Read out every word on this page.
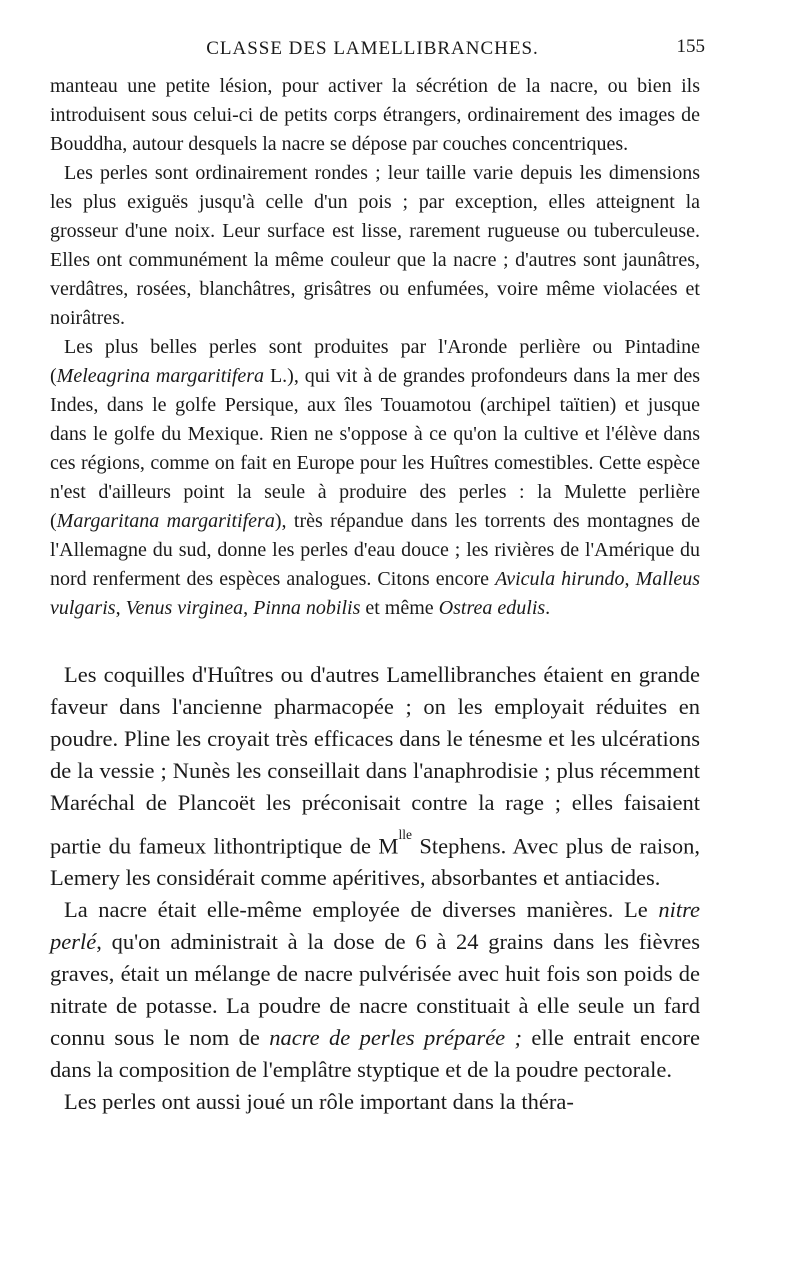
CLASSE DES LAMELLIBRANCHES.	155

manteau une petite lésion, pour activer la sécrétion de la nacre, ou bien ils introduisent sous celui-ci de petits corps étrangers, ordinairement des images de Bouddha, autour desquels la nacre se dépose par couches concentriques.

Les perles sont ordinairement rondes ; leur taille varie depuis les dimensions les plus exiguës jusqu'à celle d'un pois ; par exception, elles atteignent la grosseur d'une noix. Leur surface est lisse, rarement rugueuse ou tuberculeuse. Elles ont communément la même couleur que la nacre ; d'autres sont jaunâtres, verdâtres, rosées, blanchâtres, grisâtres ou enfumées, voire même violacées et noirâtres.

Les plus belles perles sont produites par l'Aronde perlière ou Pintadine (Meleagrina margaritifera L.), qui vit à de grandes profondeurs dans la mer des Indes, dans le golfe Persique, aux îles Touamotou (archipel taïtien) et jusque dans le golfe du Mexique. Rien ne s'oppose à ce qu'on la cultive et l'élève dans ces régions, comme on fait en Europe pour les Huîtres comestibles. Cette espèce n'est d'ailleurs point la seule à produire des perles : la Mulette perlière (Margaritana margaritifera), très répandue dans les torrents des montagnes de l'Allemagne du sud, donne les perles d'eau douce ; les rivières de l'Amérique du nord renferment des espèces analogues. Citons encore Avicula hirundo, Malleus vulgaris, Venus virginea, Pinna nobilis et même Ostrea edulis.

Les coquilles d'Huîtres ou d'autres Lamellibranches étaient en grande faveur dans l'ancienne pharmacopée ; on les employait réduites en poudre. Pline les croyait très efficaces dans le ténesme et les ulcérations de la vessie ; Nunès les conseillait dans l'anaphrodisie ; plus récemment Maréchal de Plancoët les préconisait contre la rage ; elles faisaient partie du fameux lithontriptique de $M^{lle}$ Stephens. Avec plus de raison, Lemery les considérait comme apéritives, absorbantes et antiacides.

La nacre était elle-même employée de diverses manières. Le nitre perlé, qu'on administrait à la dose de 6 à 24 grains dans les fièvres graves, était un mélange de nacre pulvérisée avec huit fois son poids de nitrate de potasse. La poudre de nacre constituait à elle seule un fard connu sous le nom de nacre de perles préparée ; elle entrait encore dans la composition de l'emplâtre styptique et de la poudre pectorale.

Les perles ont aussi joué un rôle important dans la théra-
